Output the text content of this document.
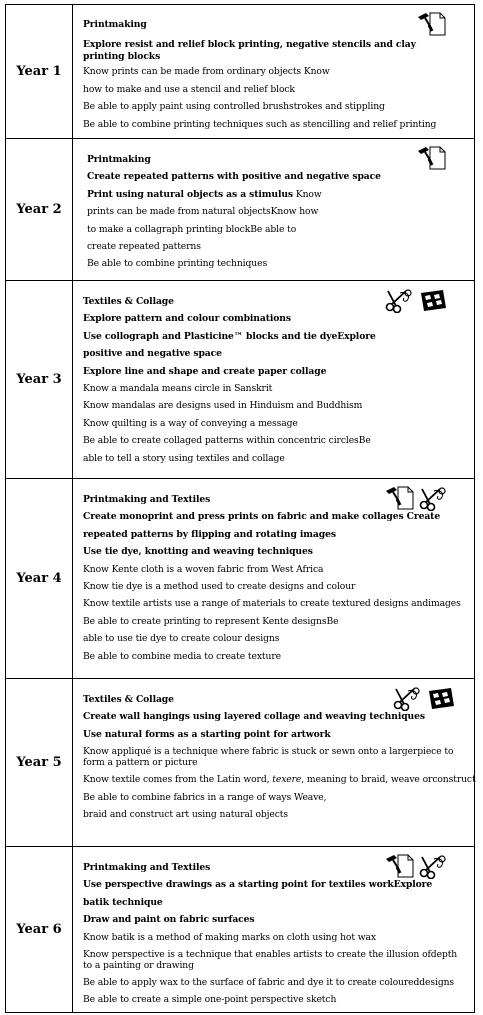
Year 1
Printmaking
Explore resist and relief block printing, negative stencils and clay
printing blocks
Know prints can be made from ordinary objects Know
how to make and use a stencil and relief block
Be able to apply paint using controlled brushstrokes and stippling
Be able to combine printing techniques such as stencilling and relief printing
Year 2
Printmaking
Create repeated patterns with positive and negative space
Print using natural objects as a stimulus Know
prints can be made from natural objectsKnow how
to make a collagraph printing blockBe able to
create repeated patterns
Be able to combine printing techniques
Year 3
Textiles & Collage
Explore pattern and colour combinations
Use collograph and Plasticine™ blocks and tie dyeExplore
positive and negative space
Explore line and shape and create paper collage
Know a mandala means circle in Sanskrit
Know mandalas are designs used in Hinduism and Buddhism
Know quilting is a way of conveying a message
Be able to create collaged patterns within concentric circlesBe
able to tell a story using textiles and collage
Year 4
Printmaking and Textiles
Create monoprint and press prints on fabric and make collages Create
repeated patterns by flipping and rotating images
Use tie dye, knotting and weaving techniques
Know Kente cloth is a woven fabric from West Africa
Know tie dye is a method used to create designs and colour
Know textile artists use a range of materials to create textured designs andimages
Be able to create printing to represent Kente designsBe
able to use tie dye to create colour designs
Be able to combine media to create texture
Year 5
Textiles & Collage
Create wall hangings using layered collage and weaving techniques
Use natural forms as a starting point for artwork
Know appliqué is a technique where fabric is stuck or sewn onto a largerpiece to form a pattern or picture
Know textile comes from the Latin word, texere, meaning to braid, weave orconstruct
Be able to combine fabrics in a range of ways Weave,
braid and construct art using natural objects
Year 6
Printmaking and Textiles
Use perspective drawings as a starting point for textiles workExplore
batik technique
Draw and paint on fabric surfaces
Know batik is a method of making marks on cloth using hot wax
Know perspective is a technique that enables artists to create the illusion ofdepth to a painting or drawing
Be able to apply wax to the surface of fabric and dye it to create coloureddesigns
Be able to create a simple one-point perspective sketch
